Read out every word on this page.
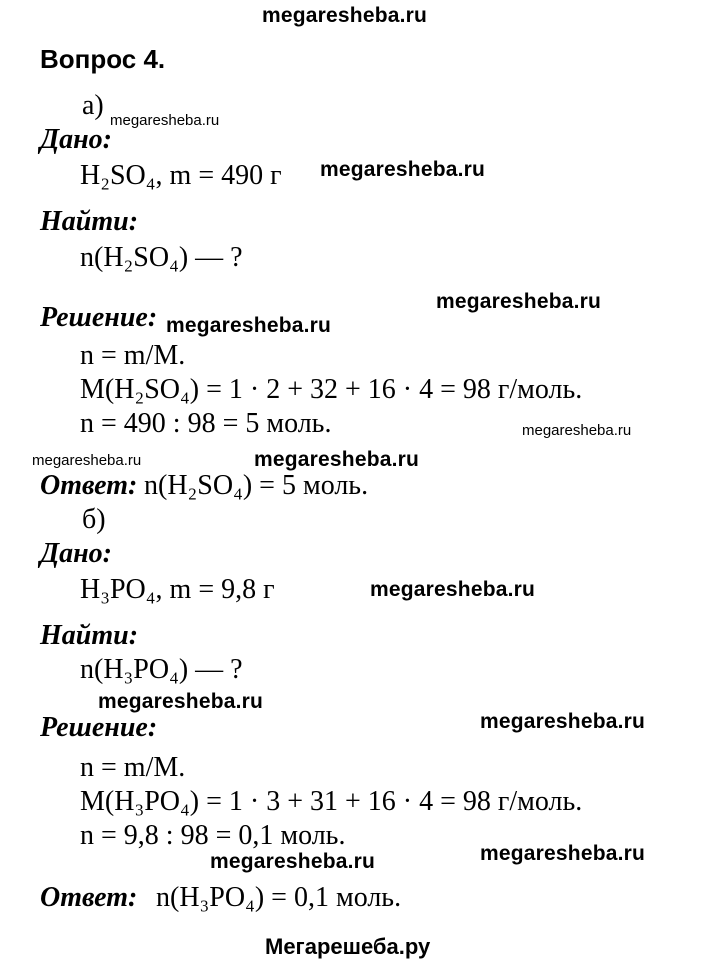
megaresheba.ru
Вопрос 4.
а) megaresheba.ru
Дано:
H₂SO₄, m = 490 г megaresheba.ru
Найти:
n(H₂SO₄) — ?
megaresheba.ru
Решение: megaresheba.ru
n = m/M.
M(H₂SO₄) = 1 · 2 + 32 + 16 · 4 = 98 г/моль.
n = 490 : 98 = 5 моль.	megaresheba.ru
megaresheba.ru	megaresheba.ru
Ответ: n(H₂SO₄) = 5 моль.
б)
Дано:
H₃PO₄, m = 9,8 г	megaresheba.ru
Найти:
n(H₃PO₄) — ?
megaresheba.ru
Решение:	megaresheba.ru
n = m/M.
M(H₃PO₄) = 1 · 3 + 31 + 16 · 4 = 98 г/моль.
n = 9,8 : 98 = 0,1 моль.
megaresheba.ru	megaresheba.ru
Ответ: n(H₃PO₄) = 0,1 моль.
Мегарешеба.ру
